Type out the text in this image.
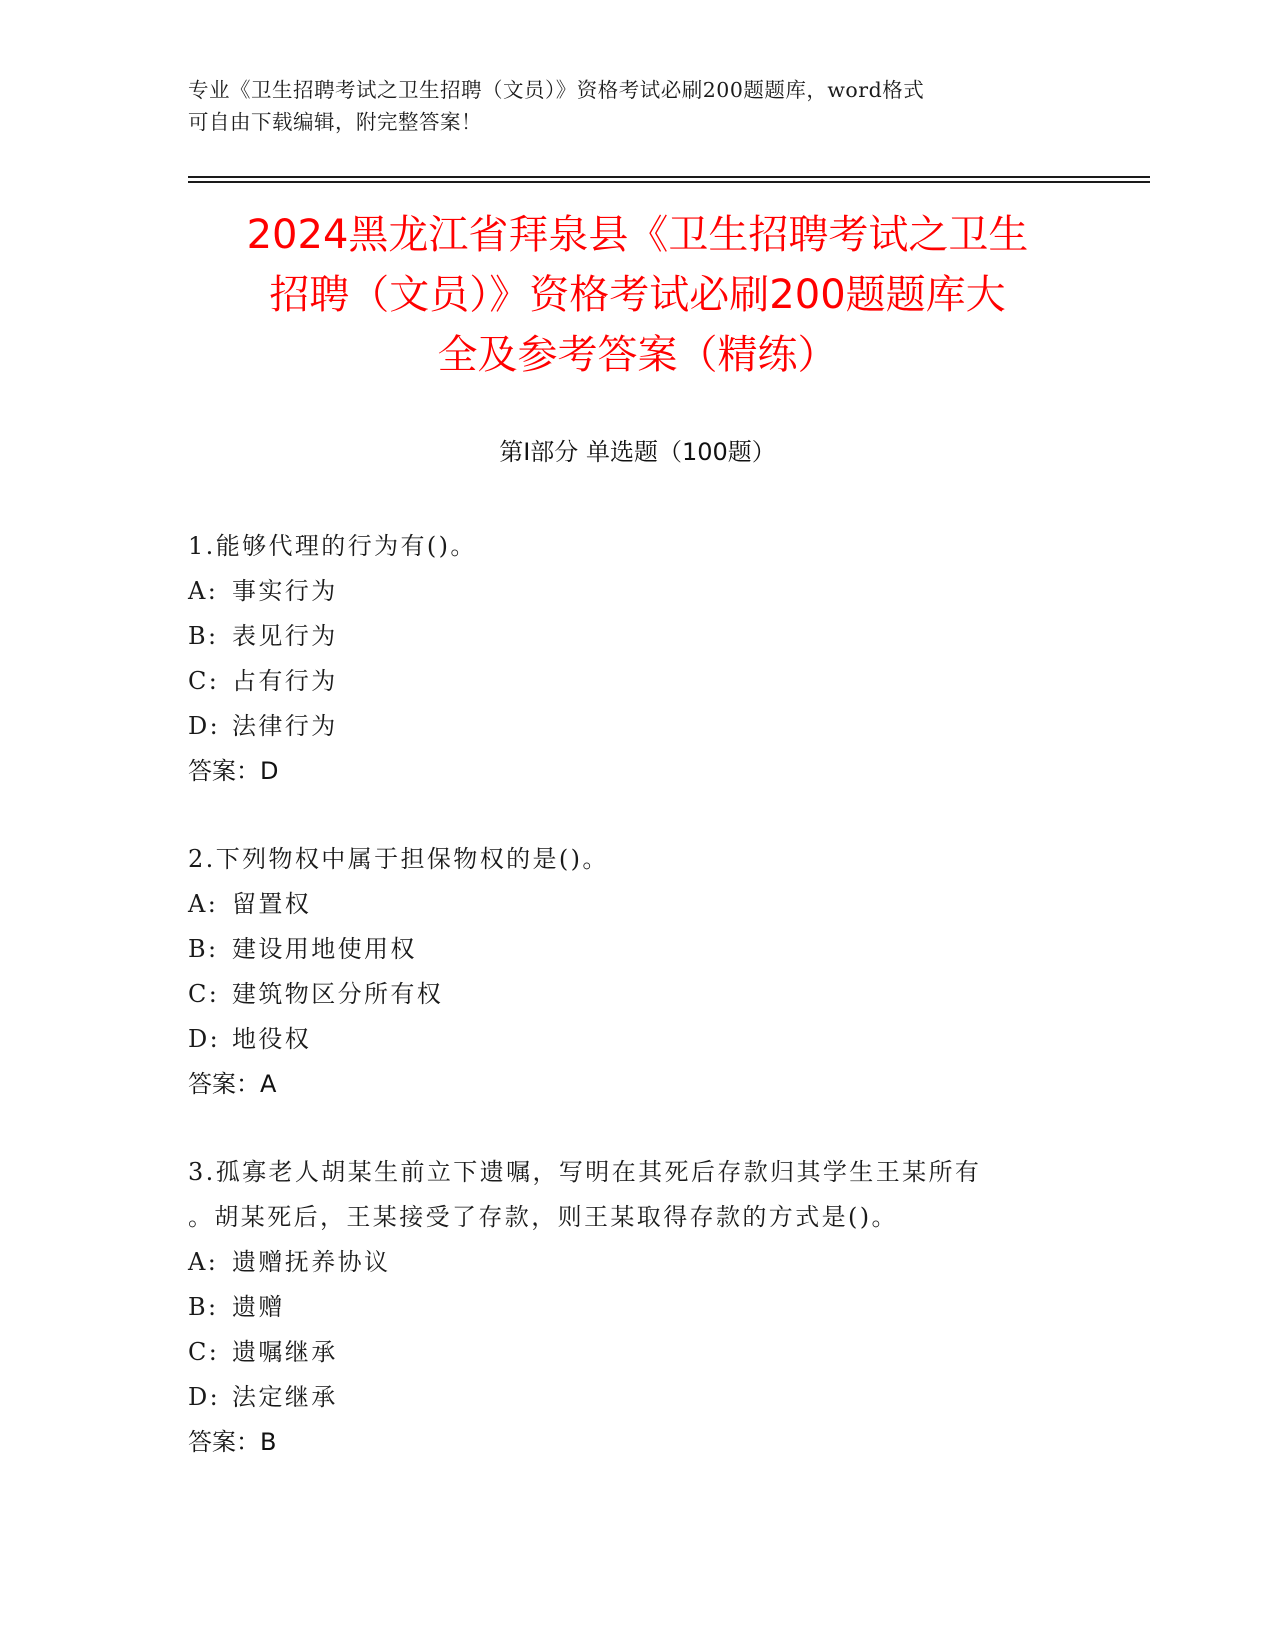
专业《卫生招聘考试之卫生招聘（文员）》资格考试必刷200题题库，word格式
可自由下载编辑，附完整答案！
2024黑龙江省拜泉县《卫生招聘考试之卫生
招聘（文员）》资格考试必刷200题题库大
全及参考答案（精练）
第Ⅰ部分 单选题（100题）
1.能够代理的行为有()。
A: 事实行为
B: 表见行为
C: 占有行为
D: 法律行为
答案：D
2.下列物权中属于担保物权的是()。
A: 留置权
B: 建设用地使用权
C: 建筑物区分所有权
D: 地役权
答案：A
3.孤寡老人胡某生前立下遗嘱，写明在其死后存款归其学生王某所有
。胡某死后，王某接受了存款，则王某取得存款的方式是()。
A: 遗赠抚养协议
B: 遗赠
C: 遗嘱继承
D: 法定继承
答案：B
